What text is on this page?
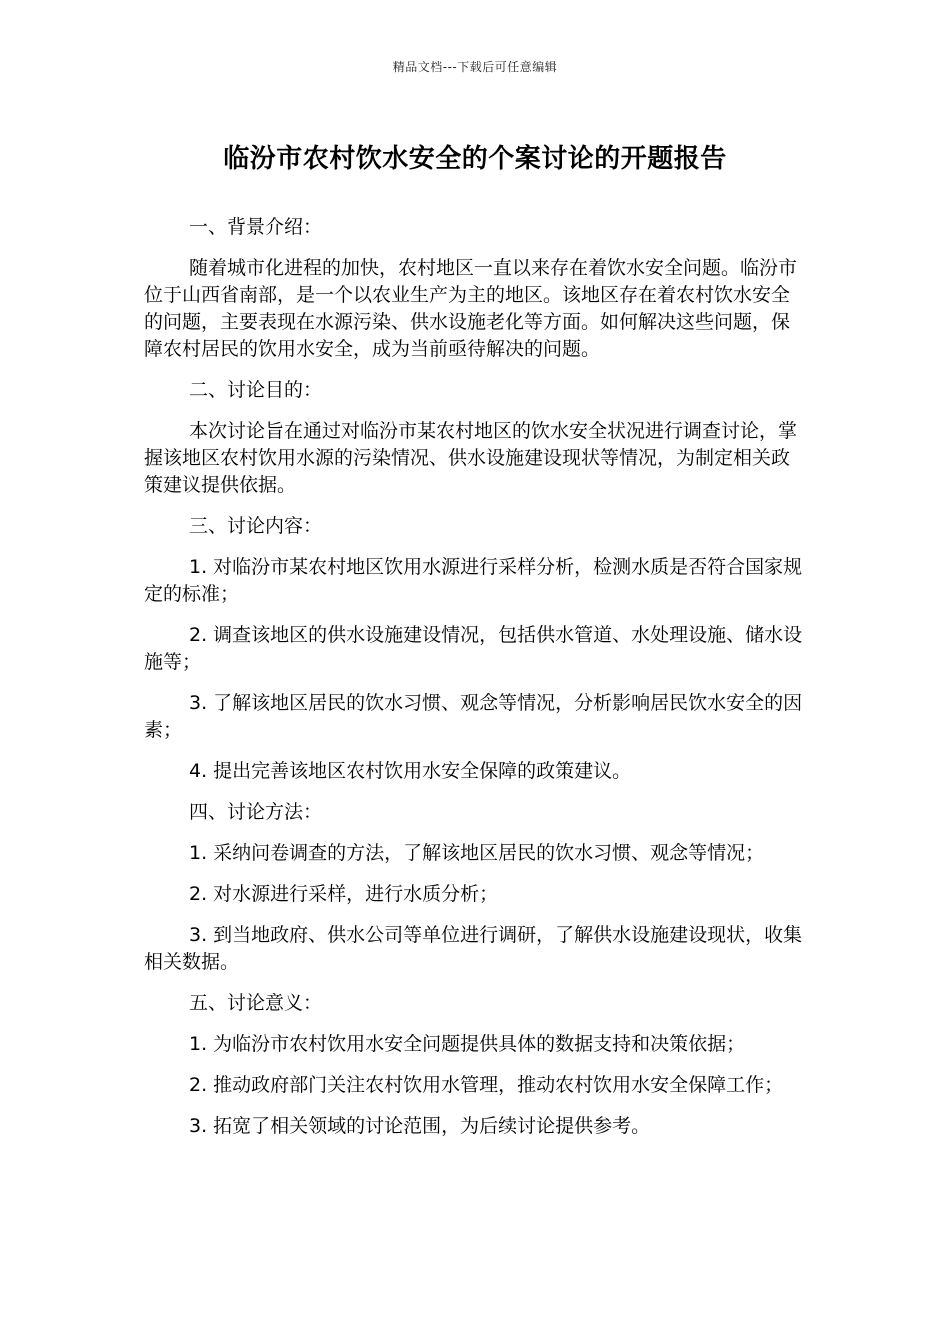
精品文档---下载后可任意编辑
临汾市农村饮水安全的个案讨论的开题报告

一、背景介绍：

随着城市化进程的加快，农村地区一直以来存在着饮水安全问题。临汾市位于山西省南部，是一个以农业生产为主的地区。该地区存在着农村饮水安全的问题，主要表现在水源污染、供水设施老化等方面。如何解决这些问题，保障农村居民的饮用水安全，成为当前亟待解决的问题。

二、讨论目的：

本次讨论旨在通过对临汾市某农村地区的饮水安全状况进行调查讨论，掌握该地区农村饮用水源的污染情况、供水设施建设现状等情况，为制定相关政策建议提供依据。

三、讨论内容：

1. 对临汾市某农村地区饮用水源进行采样分析，检测水质是否符合国家规定的标准；

2. 调查该地区的供水设施建设情况，包括供水管道、水处理设施、储水设施等；

3. 了解该地区居民的饮水习惯、观念等情况，分析影响居民饮水安全的因素；

4. 提出完善该地区农村饮用水安全保障的政策建议。

四、讨论方法：

1. 采纳问卷调查的方法，了解该地区居民的饮水习惯、观念等情况；

2. 对水源进行采样，进行水质分析；

3. 到当地政府、供水公司等单位进行调研，了解供水设施建设现状，收集相关数据。

五、讨论意义：

1. 为临汾市农村饮用水安全问题提供具体的数据支持和决策依据；

2. 推动政府部门关注农村饮用水管理，推动农村饮用水安全保障工作；

3. 拓宽了相关领域的讨论范围，为后续讨论提供参考。
